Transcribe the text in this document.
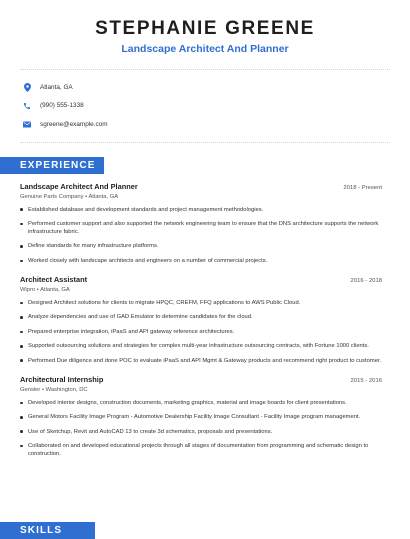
STEPHANIE GREENE
Landscape Architect And Planner
Atlanta, GA
(990) 555-1338
sgreene@example.com
EXPERIENCE
Landscape Architect And Planner	2018 - Present
Genuine Parts Company • Atlanta, GA
Established database and development standards and project management methodologies.
Performed customer support and also supported the network engineering team to ensure that the DNS architecture supports the network infrastructure fabric.
Define standards for many infrastructure platforms.
Worked closely with landscape architects and engineers on a number of commercial projects.
Architect Assistant	2016 - 2018
Wipro • Atlanta, GA
Designed Architect solutions for clients to migrate HPQC, CREFM, FFQ applications to AWS Public Cloud.
Analyze dependencies and use of GAD Emulator to determine candidates for the cloud.
Prepared enterprise integration, iPaaS and API gateway reference architectures.
Supported outsourcing solutions and strategies for complex multi-year infrastructure outsourcing contracts, with Fortune 1000 clients.
Performed Due diligence and done POC to evaluate iPaaS and API Mgmt & Gateway products and recommend right product to customer.
Architectural Internship	2015 - 2016
Gensler • Washington, DC
Developed interior designs, construction documents, marketing graphics, material and image boards for client presentations.
General Motors Facility Image Program - Automotive Dealership Facility Image Consultant - Facility Image program management.
Use of Sketchup, Revit and AutoCAD 13 to create 3d schematics, proposals and presentations.
Collaborated on and developed educational projects through all stages of documentation from programming and schematic design to construction.
SKILLS
